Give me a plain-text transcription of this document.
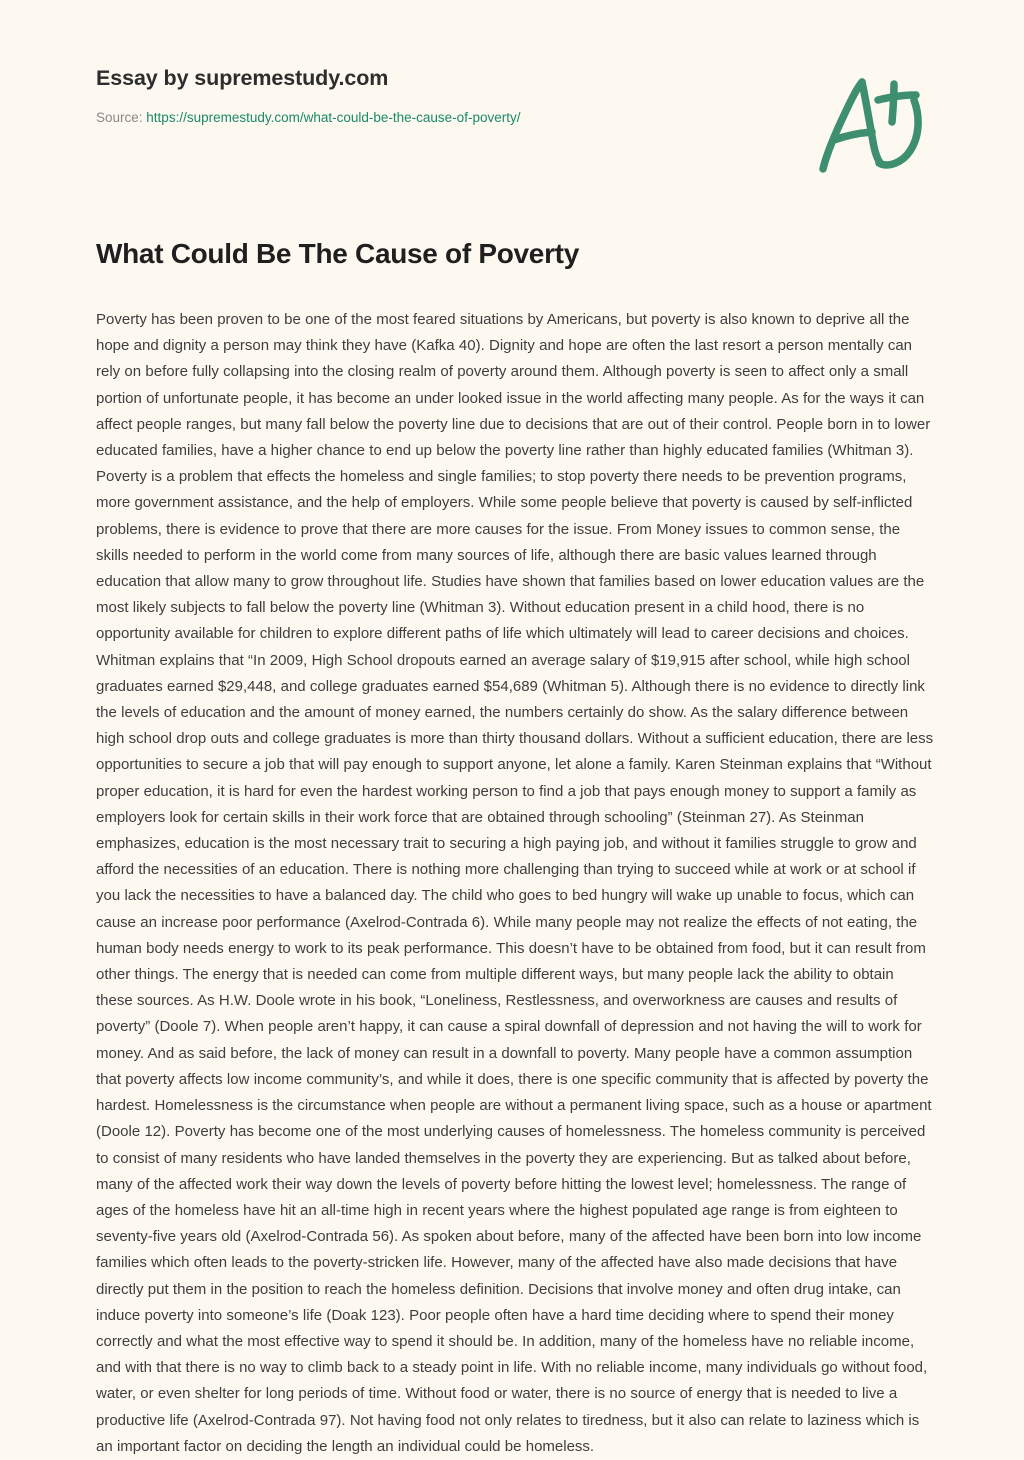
Essay by supremestudy.com
Source: https://supremestudy.com/what-could-be-the-cause-of-poverty/
What Could Be The Cause of Poverty

Poverty has been proven to be one of the most feared situations by Americans, but poverty is also known to deprive all the hope and dignity a person may think they have (Kafka 40). Dignity and hope are often the last resort a person mentally can rely on before fully collapsing into the closing realm of poverty around them. Although poverty is seen to affect only a small portion of unfortunate people, it has become an under looked issue in the world affecting many people. As for the ways it can affect people ranges, but many fall below the poverty line due to decisions that are out of their control. People born in to lower educated families, have a higher chance to end up below the poverty line rather than highly educated families (Whitman 3). Poverty is a problem that effects the homeless and single families; to stop poverty there needs to be prevention programs, more government assistance, and the help of employers. While some people believe that poverty is caused by self-inflicted problems, there is evidence to prove that there are more causes for the issue. From Money issues to common sense, the skills needed to perform in the world come from many sources of life, although there are basic values learned through education that allow many to grow throughout life. Studies have shown that families based on lower education values are the most likely subjects to fall below the poverty line (Whitman 3). Without education present in a child hood, there is no opportunity available for children to explore different paths of life which ultimately will lead to career decisions and choices. Whitman explains that “In 2009, High School dropouts earned an average salary of $19,915 after school, while high school graduates earned $29,448, and college graduates earned $54,689 (Whitman 5). Although there is no evidence to directly link the levels of education and the amount of money earned, the numbers certainly do show. As the salary difference between high school drop outs and college graduates is more than thirty thousand dollars. Without a sufficient education, there are less opportunities to secure a job that will pay enough to support anyone, let alone a family. Karen Steinman explains that “Without proper education, it is hard for even the hardest working person to find a job that pays enough money to support a family as employers look for certain skills in their work force that are obtained through schooling” (Steinman 27). As Steinman emphasizes, education is the most necessary trait to securing a high paying job, and without it families struggle to grow and afford the necessities of an education. There is nothing more challenging than trying to succeed while at work or at school if you lack the necessities to have a balanced day. The child who goes to bed hungry will wake up unable to focus, which can cause an increase poor performance (Axelrod-Contrada 6). While many people may not realize the effects of not eating, the human body needs energy to work to its peak performance. This doesn’t have to be obtained from food, but it can result from other things. The energy that is needed can come from multiple different ways, but many people lack the ability to obtain these sources. As H.W. Doole wrote in his book, “Loneliness, Restlessness, and overworkness are causes and results of poverty” (Doole 7). When people aren’t happy, it can cause a spiral downfall of depression and not having the will to work for money. And as said before, the lack of money can result in a downfall to poverty. Many people have a common assumption that poverty affects low income community’s, and while it does, there is one specific community that is affected by poverty the hardest. Homelessness is the circumstance when people are without a permanent living space, such as a house or apartment (Doole 12). Poverty has become one of the most underlying causes of homelessness. The homeless community is perceived to consist of many residents who have landed themselves in the poverty they are experiencing. But as talked about before, many of the affected work their way down the levels of poverty before hitting the lowest level; homelessness. The range of ages of the homeless have hit an all-time high in recent years where the highest populated age range is from eighteen to seventy-five years old (Axelrod-Contrada 56). As spoken about before, many of the affected have been born into low income families which often leads to the poverty-stricken life. However, many of the affected have also made decisions that have directly put them in the position to reach the homeless definition. Decisions that involve money and often drug intake, can induce poverty into someone’s life (Doak 123). Poor people often have a hard time deciding where to spend their money correctly and what the most effective way to spend it should be. In addition, many of the homeless have no reliable income, and with that there is no way to climb back to a steady point in life. With no reliable income, many individuals go without food, water, or even shelter for long periods of time. Without food or water, there is no source of energy that is needed to live a productive life (Axelrod-Contrada 97). Not having food not only relates to tiredness, but it also can relate to laziness which is an important factor on deciding the length an individual could be homeless.
